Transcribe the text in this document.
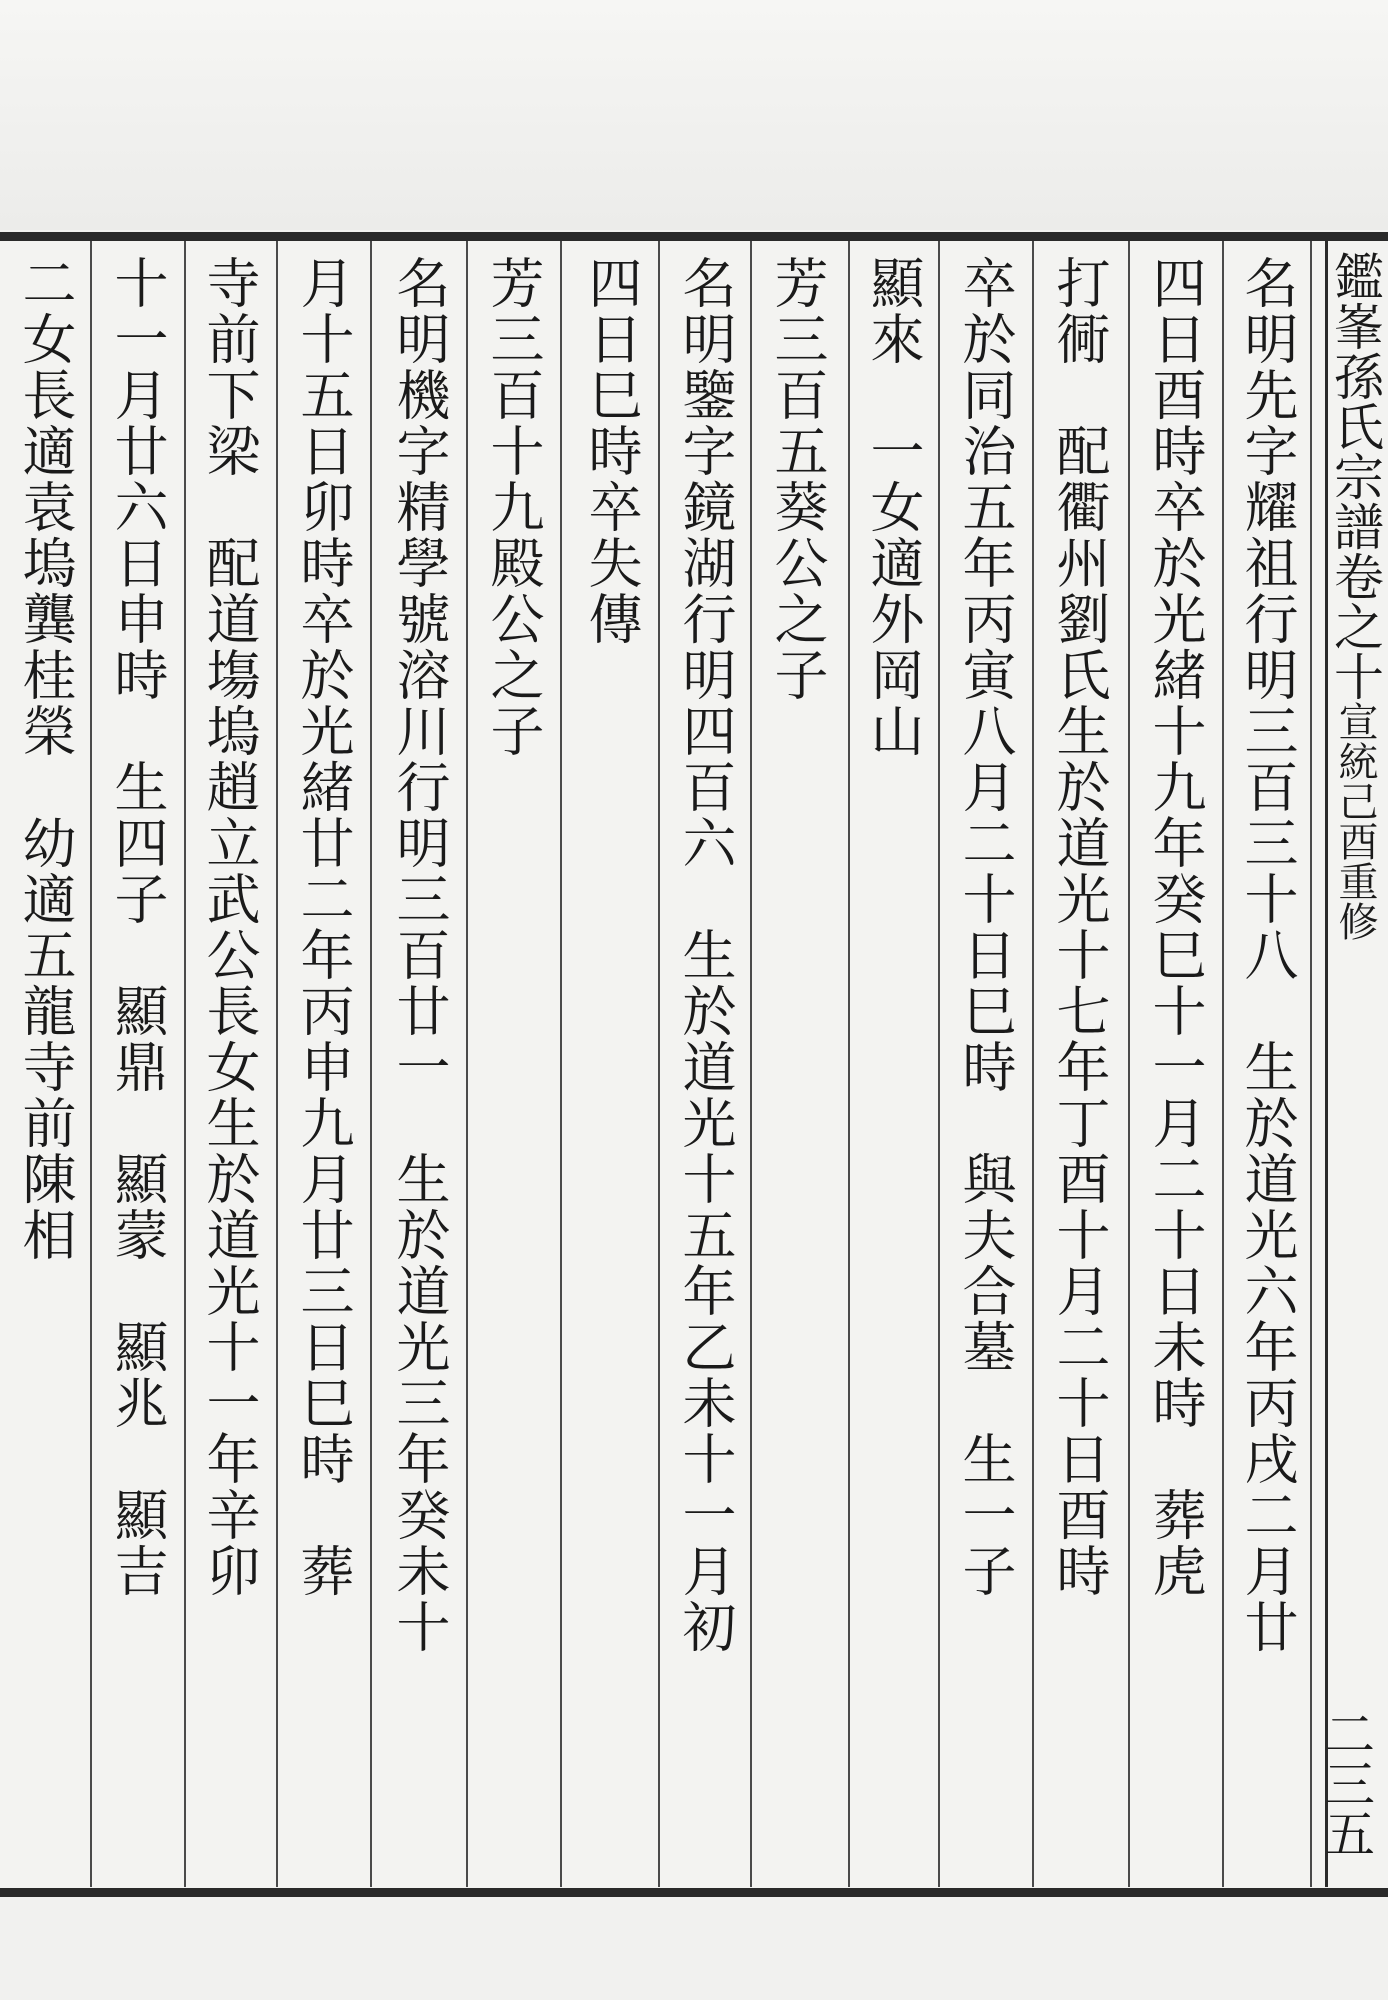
鑑峯孫氏宗譜卷之十宣統己酉重修
二三五
名明先字耀祖行明三百三十八　生於道光六年丙戌二月廿
四日酉時卒於光緒十九年癸巳十一月二十日未時　葬虎
打衕　配衢州劉氏生於道光十七年丁酉十月二十日酉時
卒於同治五年丙寅八月二十日巳時　與夫合墓　生一子
顯來　一女適外岡山
芳三百五葵公之子
名明鑒字鏡湖行明四百六　生於道光十五年乙未十一月初
四日巳時卒失傳
芳三百十九殿公之子
名明機字精學號溶川行明三百廿一　生於道光三年癸未十
月十五日卯時卒於光緒廿二年丙申九月廿三日巳時　葬
寺前下梁　配道塲塢趙立武公長女生於道光十一年辛卯
十一月廿六日申時　生四子　顯鼎　顯蒙　顯兆　顯吉
二女長適袁塢龔桂榮　幼適五龍寺前陳相
